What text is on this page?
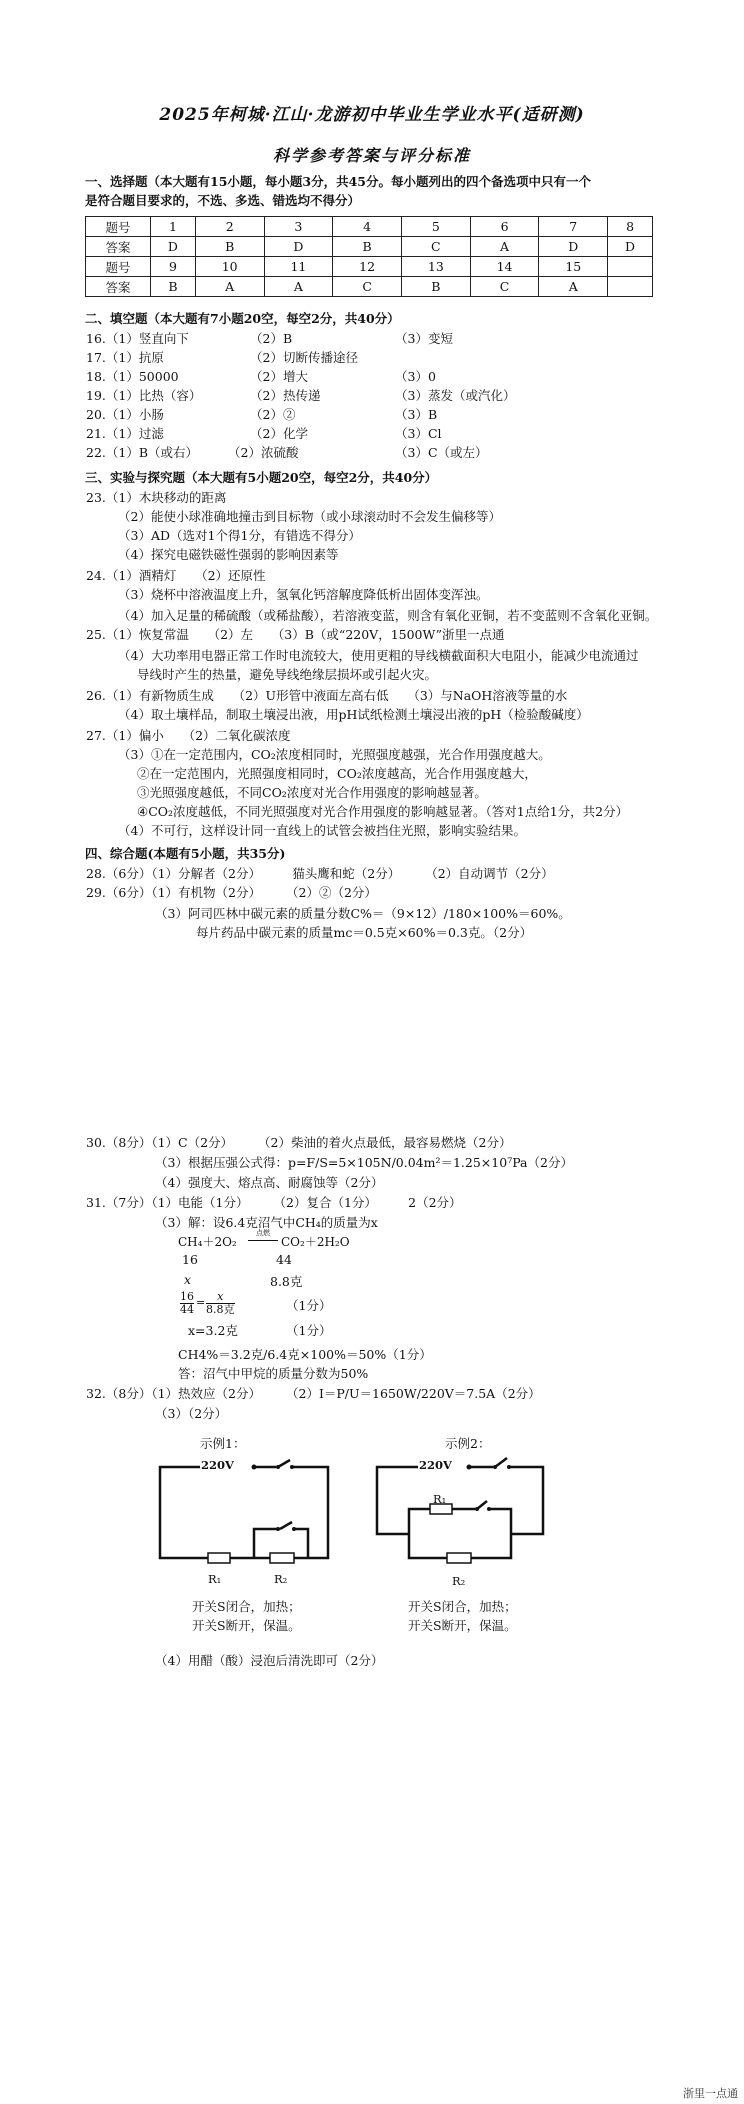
2025年柯城·江山·龙游初中毕业生学业水平(适研测)
科学参考答案与评分标准
一、选择题（本大题有15小题，每小题3分，共45分。每小题列出的四个备选项中只有一个
是符合题目要求的，不选、多选、错选均不得分）
题号	1	2	3	4	5	6	7	8
答案	D	B	D	B	C	A	D	D
题号	9	10	11	12	13	14	15	
答案	B	A	A	C	B	C	A	
二、填空题（本大题有7小题20空，每空2分，共40分）
16.（1）竖直向下	（2）B	（3）变短
17.（1）抗原	（2）切断传播途径
18.（1）50000	（2）增大	（3）0
19.（1）比热（容）	（2）热传递	（3）蒸发（或汽化）
20.（1）小肠	（2）②	（3）B
21.（1）过滤	（2）化学	（3）Cl
22.（1）B（或右） （2）浓硫酸	（3）C（或左）
三、实验与探究题（本大题有5小题20空，每空2分，共40分）
23.（1）木块移动的距离
（2）能使小球准确地撞击到目标物（或小球滚动时不会发生偏移等）
（3）AD（选对1个得1分，有错选不得分）
（4）探究电磁铁磁性强弱的影响因素等
24.（1）酒精灯　　（2）还原性
（3）烧杯中溶液温度上升，氢氧化钙溶解度降低析出固体变浑浊。
（4）加入足量的稀硫酸（或稀盐酸），若溶液变蓝，则含有氧化亚铜，若不变蓝则不含氧化亚铜。
25.（1）恢复常温　　（2）左　　（3）B（或“220V，1500W”浙里一点通
（4）大功率用电器正常工作时电流较大，使用更粗的导线横截面积大电阻小，能减少电流通过
导线时产生的热量，避免导线绝缘层损坏或引起火灾。
26.（1）有新物质生成　　（2）U形管中液面左高右低　　（3）与NaOH溶液等量的水
（4）取土壤样品，制取土壤浸出液，用pH试纸检测土壤浸出液的pH（检验酸碱度）
27.（1）偏小　　（2）二氧化碳浓度
（3）①在一定范围内，CO₂浓度相同时，光照强度越强，光合作用强度越大。
②在一定范围内，光照强度相同时，CO₂浓度越高，光合作用强度越大，
③光照强度越低，不同CO₂浓度对光合作用强度的影响越显著。
④CO₂浓度越低，不同光照强度对光合作用强度的影响越显著。（答对1点给1分，共2分）
（4）不可行，这样设计同一直线上的试管会被挡住光照，影响实验结果。
四、综合题(本题有5小题，共35分)
28.（6分）（1）分解者（2分）　　　猫头鹰和蛇（2分）　　　（2）自动调节（2分）
29.（6分）（1）有机物（2分）　　　（2）②（2分）
（3）阿司匹林中碳元素的质量分数C%＝（9×12）/180×100%＝60%。
每片药品中碳元素的质量mc＝0.5克×60%＝0.3克。（2分）
30.（8分）（1）C（2分）　　　（2）柴油的着火点最低，最容易燃烧（2分）
（3）根据压强公式得：p=F/S=5×105N/0.04m²＝1.25×10⁷Pa（2分）
（4）强度大、熔点高、耐腐蚀等（2分）
31.（7分）（1）电能（1分）　　　（2）复合（1分）　　　2（2分）
（3）解：设6.4克沼气中CH₄的质量为x
CH₄＋2O₂
点燃
CO₂＋2H₂O
16	44
x	8.8克
16
44
= x
8.8克	（1分）
x=3.2克	（1分）
CH4%＝3.2克/6.4克×100%＝50%（1分）
答：沼气中甲烷的质量分数为50%
32.（8分）（1）热效应（2分）　　　（2）I＝P/U＝1650W/220V＝7.5A（2分）
（3）（2分）
示例1：	示例2：
220V
R₁	R₂
220V
R₁
R₂
开关S闭合，加热；
开关S断开，保温。
开关S闭合，加热；
开关S断开，保温。
（4）用醋（酸）浸泡后清洗即可（2分）
浙里一点通
